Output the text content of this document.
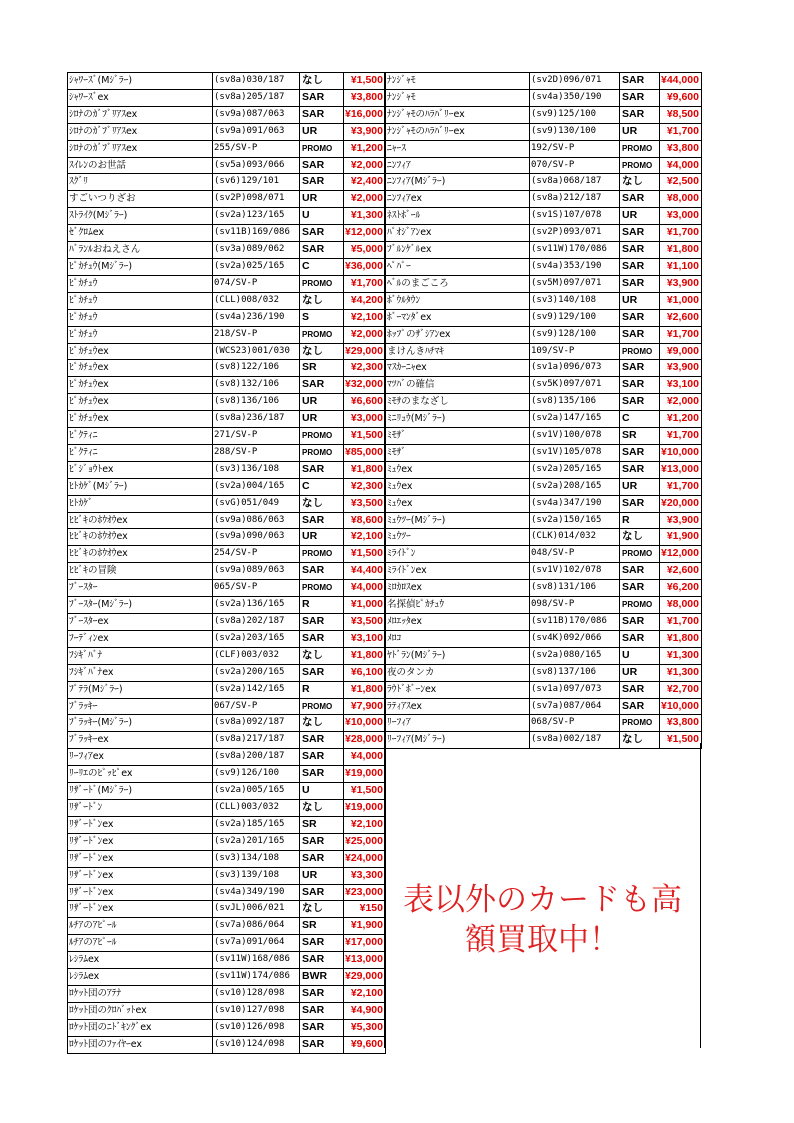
ｼｬﾜｰｽﾞ(Mｼﾞﾗｰ)	(sv8a)030/187	なし	¥1,500
ｼｬﾜｰｽﾞex	(sv8a)205/187	SAR	¥3,800
ｼﾛﾅのｶﾞﾌﾞﾘｱｽex	(sv9a)087/063	SAR	¥16,000
ｼﾛﾅのｶﾞﾌﾞﾘｱｽex	(sv9a)091/063	UR	¥3,900
ｼﾛﾅのｶﾞﾌﾞﾘｱｽex	255/SV-P	PROMO	¥1,200
ｽｲﾚﾝのお世話	(sv5a)093/066	SAR	¥2,000
ｽｸﾞﾘ	(sv6)129/101	SAR	¥2,400
すごいつりざお	(sv2P)098/071	UR	¥2,000
ｽﾄﾗｲｸ(Mｼﾞﾗｰ)	(sv2a)123/165	U	¥1,300
ｾﾞｸﾛﾑex	(sv11B)169/086	SAR	¥12,000
ﾊﾞﾗﾝﾙおねえさん	(sv3a)089/062	SAR	¥5,000
ﾋﾟｶﾁｭｳ(Mｼﾞﾗｰ)	(sv2a)025/165	C	¥36,000
ﾋﾟｶﾁｭｳ	074/SV-P	PROMO	¥1,700
ﾋﾟｶﾁｭｳ	(CLL)008/032	なし	¥4,200
ﾋﾟｶﾁｭｳ	(sv4a)236/190	S	¥2,100
ﾋﾟｶﾁｭｳ	218/SV-P	PROMO	¥2,000
ﾋﾟｶﾁｭｳex	(WCS23)001/030	なし	¥29,000
ﾋﾟｶﾁｭｳex	(sv8)122/106	SR	¥2,300
ﾋﾟｶﾁｭｳex	(sv8)132/106	SAR	¥32,000
ﾋﾟｶﾁｭｳex	(sv8)136/106	UR	¥6,600
ﾋﾟｶﾁｭｳex	(sv8a)236/187	UR	¥3,000
ﾋﾞｸﾃｨﾆ	271/SV-P	PROMO	¥1,500
ﾋﾞｸﾃｨﾆ	288/SV-P	PROMO	¥85,000
ﾋﾞｼﾞｮｳﾄex	(sv3)136/108	SAR	¥1,800
ﾋﾄｶｹﾞ(Mｼﾞﾗｰ)	(sv2a)004/165	C	¥2,300
ﾋﾄｶｹﾞ	(svG)051/049	なし	¥3,500
ﾋﾋﾞｷのﾎｳｵｳex	(sv9a)086/063	SAR	¥8,600
ﾋﾋﾞｷのﾎｳｵｳex	(sv9a)090/063	UR	¥2,100
ﾋﾋﾞｷのﾎｳｵｳex	254/SV-P	PROMO	¥1,500
ﾋﾋﾞｷの冒険	(sv9a)089/063	SAR	¥4,400
ﾌﾞｰｽﾀｰ	065/SV-P	PROMO	¥4,000
ﾌﾞｰｽﾀｰ(Mｼﾞﾗｰ)	(sv2a)136/165	R	¥1,000
ﾌﾞｰｽﾀｰex	(sv8a)202/187	SAR	¥3,500
ﾌｰﾃﾞｨﾝex	(sv2a)203/165	SAR	¥3,100
ﾌｼｷﾞﾊﾞﾅ	(CLF)003/032	なし	¥1,800
ﾌｼｷﾞﾊﾞﾅex	(sv2a)200/165	SAR	¥6,100
ﾌﾟﾃﾗ(Mｼﾞﾗｰ)	(sv2a)142/165	R	¥1,800
ﾌﾞﾗｯｷｰ	067/SV-P	PROMO	¥7,900
ﾌﾞﾗｯｷｰ(Mｼﾞﾗｰ)	(sv8a)092/187	なし	¥10,000
ﾌﾞﾗｯｷｰex	(sv8a)217/187	SAR	¥28,000
ﾘｰﾌｨｱex	(sv8a)200/187	SAR	¥4,000
ﾘｰﾘｴのﾋﾟｯﾋﾟex	(sv9)126/100	SAR	¥19,000
ﾘｻﾞｰﾄﾞ(Mｼﾞﾗｰ)	(sv2a)005/165	U	¥1,500
ﾘｻﾞｰﾄﾞﾝ	(CLL)003/032	なし	¥19,000
ﾘｻﾞｰﾄﾞﾝex	(sv2a)185/165	SR	¥2,100
ﾘｻﾞｰﾄﾞﾝex	(sv2a)201/165	SAR	¥25,000
ﾘｻﾞｰﾄﾞﾝex	(sv3)134/108	SAR	¥24,000
ﾘｻﾞｰﾄﾞﾝex	(sv3)139/108	UR	¥3,300
ﾘｻﾞｰﾄﾞﾝex	(sv4a)349/190	SAR	¥23,000
ﾘｻﾞｰﾄﾞﾝex	(svJL)006/021	なし	¥150
ﾙﾁｱのｱﾋﾟｰﾙ	(sv7a)086/064	SR	¥1,900
ﾙﾁｱのｱﾋﾟｰﾙ	(sv7a)091/064	SAR	¥17,000
ﾚｼﾗﾑex	(sv11W)168/086	SAR	¥13,000
ﾚｼﾗﾑex	(sv11W)174/086	BWR	¥29,000
ﾛｹｯﾄ団のｱﾃﾅ	(sv10)128/098	SAR	¥2,100
ﾛｹｯﾄ団のｸﾛﾊﾞｯﾄex	(sv10)127/098	SAR	¥4,900
ﾛｹｯﾄ団のﾆﾄﾞｷﾝｸﾞex	(sv10)126/098	SAR	¥5,300
ﾛｹｯﾄ団のﾌｧｲﾔｰex	(sv10)124/098	SAR	¥9,600
ﾅﾝｼﾞｬﾓ	(sv2D)096/071	SAR	¥44,000
ﾅﾝｼﾞｬﾓ	(sv4a)350/190	SAR	¥9,600
ﾅﾝｼﾞｬﾓのﾊﾗﾊﾞﾘｰex	(sv9)125/100	SAR	¥8,500
ﾅﾝｼﾞｬﾓのﾊﾗﾊﾞﾘｰex	(sv9)130/100	UR	¥1,700
ﾆｬｰｽ	192/SV-P	PROMO	¥3,800
ﾆﾝﾌｨｱ	070/SV-P	PROMO	¥4,000
ﾆﾝﾌｨｱ(Mｼﾞﾗｰ)	(sv8a)068/187	なし	¥2,500
ﾆﾝﾌｨｱex	(sv8a)212/187	SAR	¥8,000
ﾈｽﾄﾎﾞｰﾙ	(sv1S)107/078	UR	¥3,000
ﾊﾟｵｼﾞｱﾝex	(sv2P)093/071	SAR	¥1,700
ﾌﾞﾙﾝｹﾞﾙex	(sv11W)170/086	SAR	¥1,800
ﾍﾟﾊﾟｰ	(sv4a)353/190	SAR	¥1,100
ﾍﾞﾙのまごころ	(sv5M)097/071	SAR	¥3,900
ﾎﾞｳﾙﾀｳﾝ	(sv3)140/108	UR	¥1,000
ﾎﾞｰﾏﾝﾀﾞex	(sv9)129/100	SAR	¥2,600
ﾎｯﾌﾟのｻﾞｼｱﾝex	(sv9)128/100	SAR	¥1,700
まけんきﾊﾁﾏｷ	109/SV-P	PROMO	¥9,000
ﾏｽｶｰﾆｬex	(sv1a)096/073	SAR	¥3,900
ﾏﾂﾊﾞの確信	(sv5K)097/071	SAR	¥3,100
ﾐﾓｻのまなざし	(sv8)135/106	SAR	¥2,000
ﾐﾆﾘｭｳ(Mｼﾞﾗｰ)	(sv2a)147/165	C	¥1,200
ﾐﾓｻﾞ	(sv1V)100/078	SR	¥1,700
ﾐﾓｻﾞ	(sv1V)105/078	SAR	¥10,000
ﾐｭｳex	(sv2a)205/165	SAR	¥13,000
ﾐｭｳex	(sv2a)208/165	UR	¥1,700
ﾐｭｳex	(sv4a)347/190	SAR	¥20,000
ﾐｭｳﾂｰ(Mｼﾞﾗｰ)	(sv2a)150/165	R	¥3,900
ﾐｭｳﾂｰ	(CLK)014/032	なし	¥1,900
ﾐﾗｲﾄﾞﾝ	048/SV-P	PROMO	¥12,000
ﾐﾗｲﾄﾞﾝex	(sv1V)102/078	SAR	¥2,600
ﾐﾛｶﾛｽex	(sv8)131/106	SAR	¥6,200
名探偵ﾋﾟｶﾁｭｳ	098/SV-P	PROMO	¥8,000
ﾒﾛｴｯﾀex	(sv11B)170/086	SAR	¥1,700
ﾒﾛｺ	(sv4K)092/066	SAR	¥1,800
ﾔﾄﾞﾗﾝ(Mｼﾞﾗｰ)	(sv2a)080/165	U	¥1,300
夜のタンカ	(sv8)137/106	UR	¥1,300
ﾗｳﾄﾞﾎﾞｰﾝex	(sv1a)097/073	SAR	¥2,700
ﾗﾃｨｱｽex	(sv7a)087/064	SAR	¥10,000
ﾘｰﾌｨｱ	068/SV-P	PROMO	¥3,800
ﾘｰﾌｨｱ(Mｼﾞﾗｰ)	(sv8a)002/187	なし	¥1,500
表以外のカードも高
額買取中！
